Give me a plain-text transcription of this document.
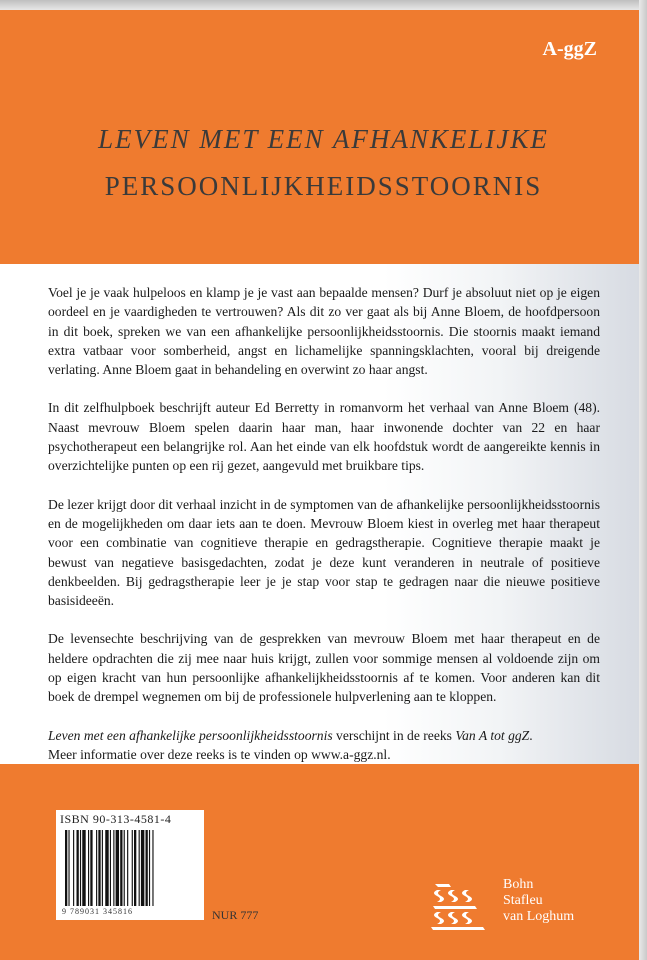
A-ggZ
LEVEN MET EEN AFHANKELIJKE
PERSOONLIJKHEIDSSTOORNIS

Voel je je vaak hulpeloos en klamp je je vast aan bepaalde mensen? Durf je absoluut niet op je eigen oordeel en je vaardigheden te vertrouwen? Als dit zo ver gaat als bij Anne Bloem, de hoofdpersoon in dit boek, spreken we van een afhankelijke persoonlijkheidsstoornis. Die stoornis maakt iemand extra vatbaar voor somberheid, angst en lichamelijke spanningsklachten, vooral bij dreigende verlating. Anne Bloem gaat in behandeling en overwint zo haar angst.

In dit zelfhulpboek beschrijft auteur Ed Berretty in romanvorm het verhaal van Anne Bloem (48). Naast mevrouw Bloem spelen daarin haar man, haar inwonende dochter van 22 en haar psychotherapeut een belangrijke rol. Aan het einde van elk hoofdstuk wordt de aangereikte kennis in overzichtelijke punten op een rij gezet, aangevuld met bruikbare tips.

De lezer krijgt door dit verhaal inzicht in de symptomen van de afhankelijke persoonlijkheidsstoornis en de mogelijkheden om daar iets aan te doen. Mevrouw Bloem kiest in overleg met haar therapeut voor een combinatie van cognitieve therapie en gedragstherapie. Cognitieve therapie maakt je bewust van negatieve basisgedachten, zodat je deze kunt veranderen in neutrale of positieve denkbeelden. Bij gedragstherapie leer je je stap voor stap te gedragen naar die nieuwe positieve basisideeën.

De levensechte beschrijving van de gesprekken van mevrouw Bloem met haar therapeut en de heldere opdrachten die zij mee naar huis krijgt, zullen voor sommige mensen al voldoende zijn om op eigen kracht van hun persoonlijke afhankelijkheidsstoornis af te komen. Voor anderen kan dit boek de drempel wegnemen om bij de professionele hulpverlening aan te kloppen.

Leven met een afhankelijke persoonlijkheidsstoornis verschijnt in de reeks Van A tot ggZ.
Meer informatie over deze reeks is te vinden op www.a-ggz.nl.

ISBN 90-313-4581-4
9 789031 345816	NUR 777
Bohn
Stafleu
van Loghum
